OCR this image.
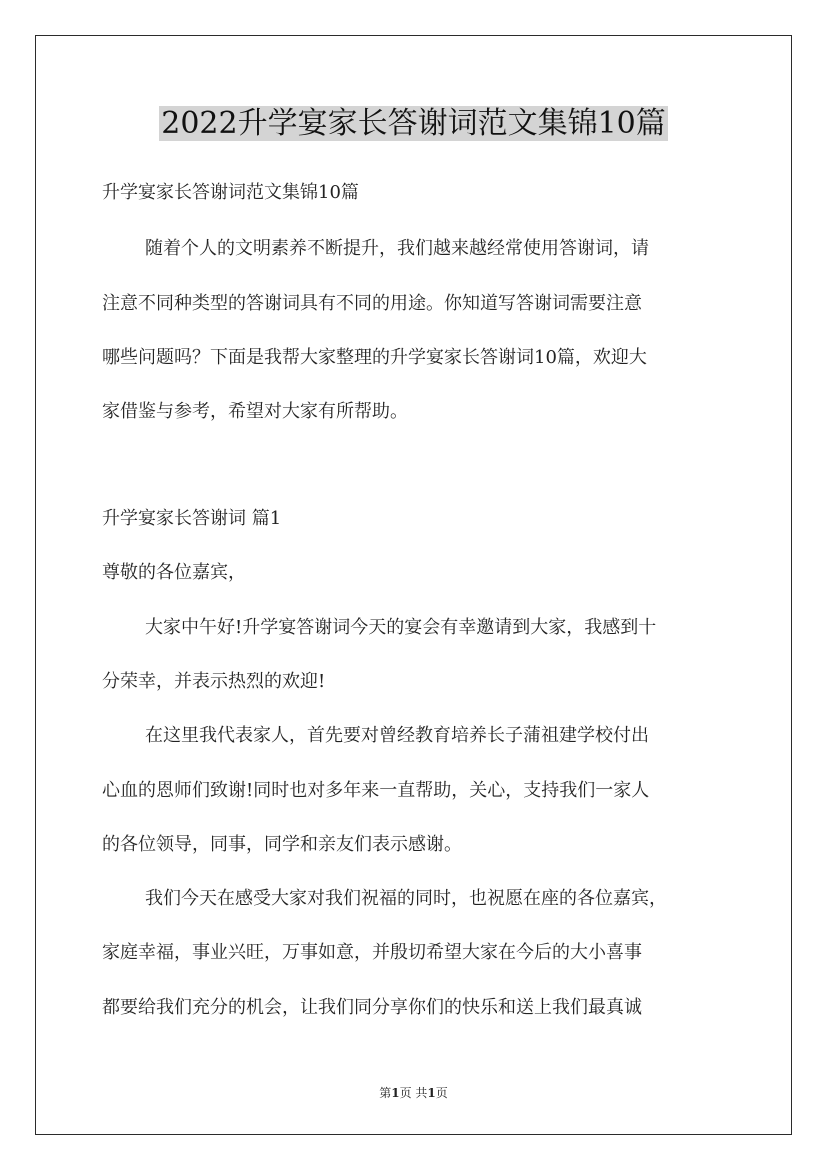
2022升学宴家长答谢词范文集锦10篇
升学宴家长答谢词范文集锦10篇
随着个人的文明素养不断提升，我们越来越经常使用答谢词，请
注意不同种类型的答谢词具有不同的用途。你知道写答谢词需要注意
哪些问题吗？下面是我帮大家整理的升学宴家长答谢词10篇，欢迎大
家借鉴与参考，希望对大家有所帮助。
升学宴家长答谢词 篇1
尊敬的各位嘉宾，
大家中午好!升学宴答谢词今天的宴会有幸邀请到大家，我感到十
分荣幸，并表示热烈的欢迎!
在这里我代表家人，首先要对曾经教育培养长子蒲祖建学校付出
心血的恩师们致谢!同时也对多年来一直帮助，关心，支持我们一家人
的各位领导，同事，同学和亲友们表示感谢。
我们今天在感受大家对我们祝福的同时，也祝愿在座的各位嘉宾，
家庭幸福，事业兴旺，万事如意，并殷切希望大家在今后的大小喜事
都要给我们充分的机会，让我们同分享你们的快乐和送上我们最真诚
第1页 共1页
